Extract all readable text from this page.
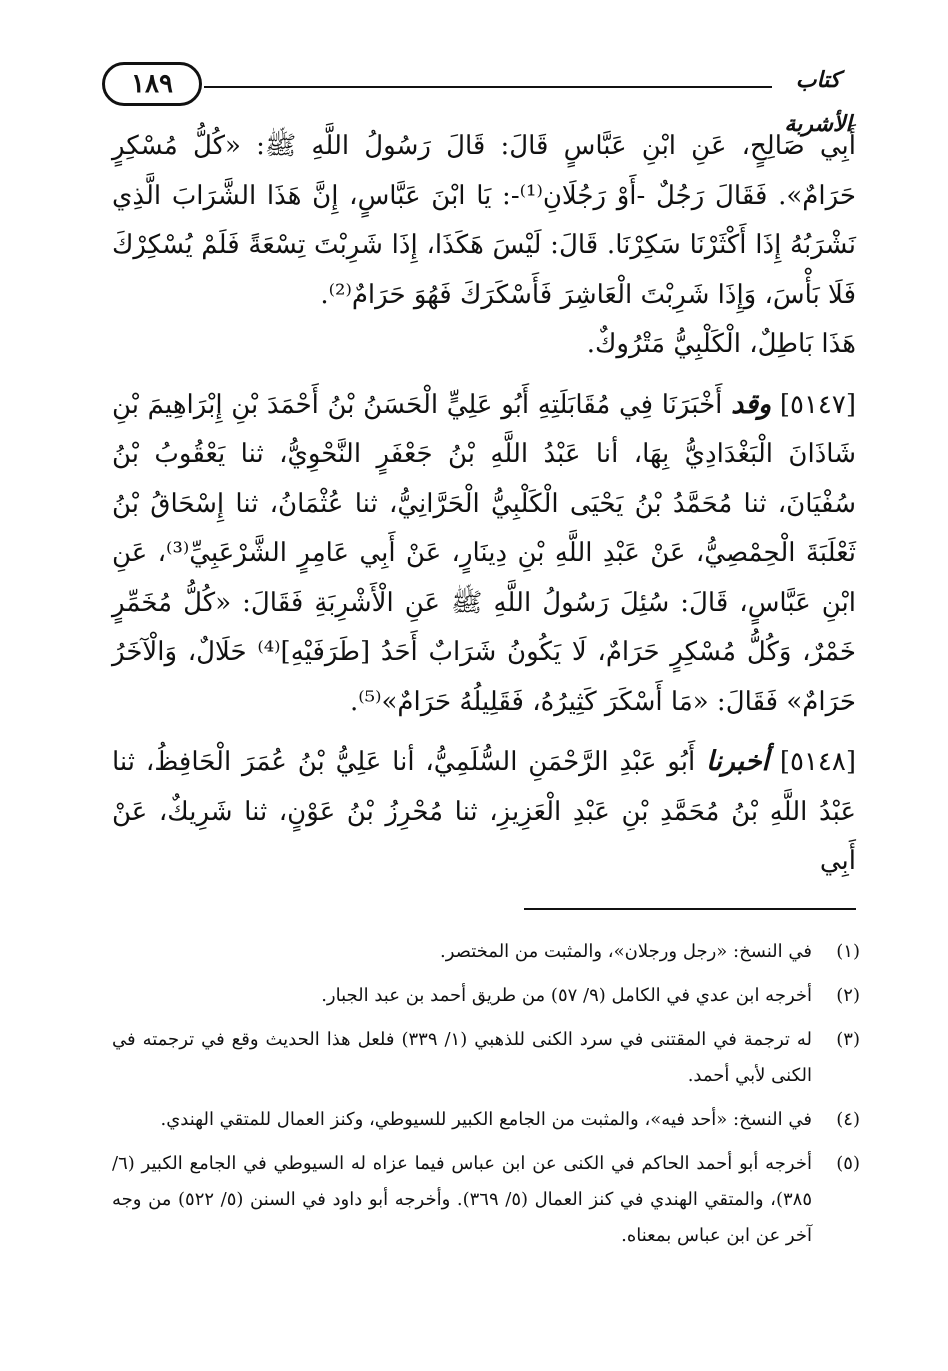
١٨٩	كتاب الأشربة

أَبِي صَالِحٍ، عَنِ ابْنِ عَبَّاسٍ قَالَ: قَالَ رَسُولُ اللَّهِ ﷺ: «كُلُّ مُسْكِرٍ حَرَامٌ». فَقَالَ رَجُلٌ -أَوْ رَجُلَانِ⁽¹⁾-: يَا ابْنَ عَبَّاسٍ، إِنَّ هَذَا الشَّرَابَ الَّذِي نَشْرَبُهُ إِذَا أَكْثَرْنَا سَكِرْنَا. قَالَ: لَيْسَ هَكَذَا، إِذَا شَرِبْتَ تِسْعَةً فَلَمْ يُسْكِرْكَ فَلَا بَأْسَ، وَإِذَا شَرِبْتَ الْعَاشِرَ فَأَسْكَرَكَ فَهُوَ حَرَامٌ⁽²⁾.

هَذَا بَاطِلٌ، الْكَلْبِيُّ مَتْرُوكٌ.

[٥١٤٧] وقد أَخْبَرَنَا فِي مُقَابَلَتِهِ أَبُو عَلِيٍّ الْحَسَنُ بْنُ أَحْمَدَ بْنِ إِبْرَاهِيمَ بْنِ شَاذَانَ الْبَغْدَادِيُّ بِهَا، أنا عَبْدُ اللَّهِ بْنُ جَعْفَرٍ النَّحْوِيُّ، ثنا يَعْقُوبُ بْنُ سُفْيَانَ، ثنا مُحَمَّدُ بْنُ يَحْيَى الْكَلْبِيُّ الْحَرَّانِيُّ، ثنا عُثْمَانُ، ثنا إِسْحَاقُ بْنُ ثَعْلَبَةَ الْحِمْصِيُّ، عَنْ عَبْدِ اللَّهِ بْنِ دِينَارٍ، عَنْ أَبِي عَامِرٍ الشَّرْعَبِيِّ⁽³⁾، عَنِ ابْنِ عَبَّاسٍ، قَالَ: سُئِلَ رَسُولُ اللَّهِ ﷺ عَنِ الْأَشْرِبَةِ فَقَالَ: «كُلُّ مُخَمِّرٍ خَمْرٌ، وَكُلُّ مُسْكِرٍ حَرَامٌ، لَا يَكُونُ شَرَابٌ أَحَدُ [طَرَفَيْهِ]⁽⁴⁾ حَلَالٌ، وَالْآخَرُ حَرَامٌ» فَقَالَ: «مَا أَسْكَرَ كَثِيرُهُ، فَقَلِيلُهُ حَرَامٌ»⁽⁵⁾.

[٥١٤٨] أخبرنا أَبُو عَبْدِ الرَّحْمَنِ السُّلَمِيُّ، أنا عَلِيُّ بْنُ عُمَرَ الْحَافِظُ، ثنا عَبْدُ اللَّهِ بْنُ مُحَمَّدِ بْنِ عَبْدِ الْعَزِيزِ، ثنا مُحْرِزُ بْنُ عَوْنٍ، ثنا شَرِيكٌ، عَنْ أَبِي

(١)
في النسخ: «رجل ورجلان»، والمثبت من المختصر.
(٢)
أخرجه ابن عدي في الكامل (٩/ ٥٧) من طريق أحمد بن عبد الجبار.
(٣)
له ترجمة في المقتنى في سرد الكنى للذهبي (١/ ٣٣٩) فلعل هذا الحديث وقع في ترجمته في الكنى لأبي أحمد.
(٤)
في النسخ: «أحد فيه»، والمثبت من الجامع الكبير للسيوطي، وكنز العمال للمتقي الهندي.
(٥)
أخرجه أبو أحمد الحاكم في الكنى عن ابن عباس فيما عزاه له السيوطي في الجامع الكبير (٦/ ٣٨٥)، والمتقي الهندي في كنز العمال (٥/ ٣٦٩). وأخرجه أبو داود في السنن (٥/ ٥٢٢) من وجه آخر عن ابن عباس بمعناه.
